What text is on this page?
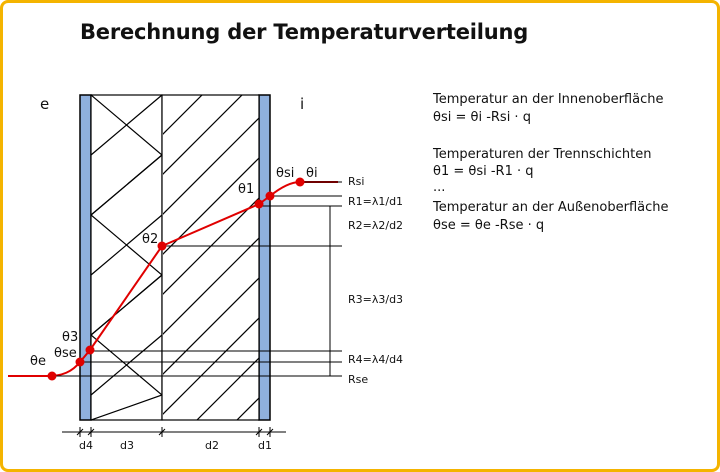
Berechnung der Temperaturverteilung
e	i
θi
θsi
θ1
θ2
θ3
θse
θe
Rsi
R1=λ1/d1
R2=λ2/d2
R3=λ3/d3
R4=λ4/d4
Rse
d4 d3	d2	d1
Temperatur an der Innenoberfläche
θsi = θi -Rsi · q
Temperaturen der Trennschichten
θ1 = θsi -R1 · q
...
Temperatur an der Außenoberfläche
θse = θe -Rse · q
